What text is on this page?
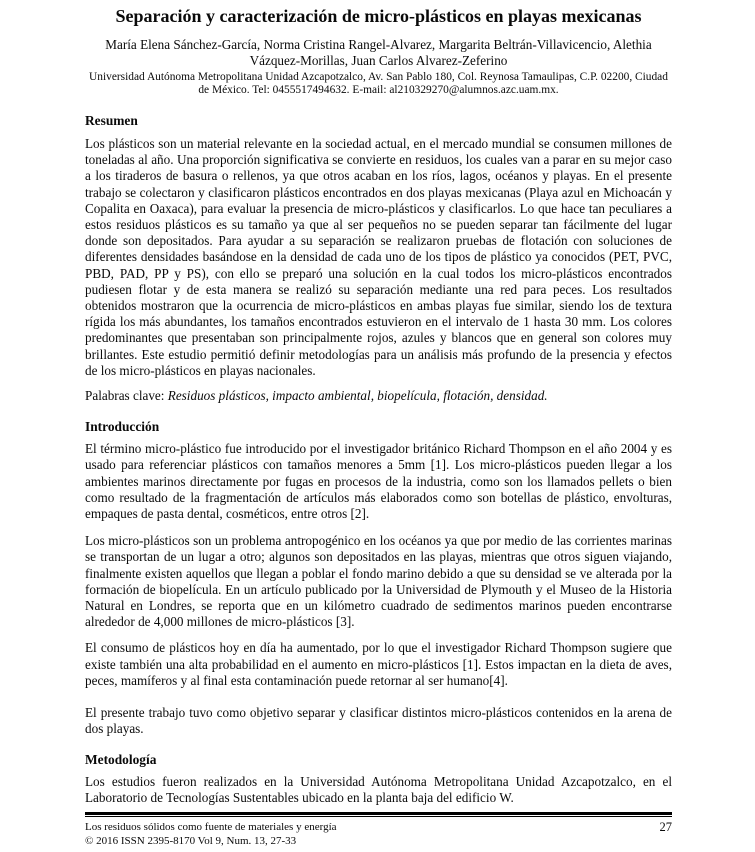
Separación y caracterización de micro-plásticos en playas mexicanas
María Elena Sánchez-García, Norma Cristina Rangel-Alvarez, Margarita Beltrán-Villavicencio, Alethia Vázquez-Morillas, Juan Carlos Alvarez-Zeferino
Universidad Autónoma Metropolitana Unidad Azcapotzalco, Av. San Pablo 180, Col. Reynosa Tamaulipas, C.P. 02200, Ciudad de México. Tel: 0455517494632. E-mail: al210329270@alumnos.azc.uam.mx.
Resumen

Los plásticos son un material relevante en la sociedad actual, en el mercado mundial se consumen millones de toneladas al año. Una proporción significativa se convierte en residuos, los cuales van a parar en su mejor caso a los tiraderos de basura o rellenos, ya que otros acaban en los ríos, lagos, océanos y playas. En el presente trabajo se colectaron y clasificaron plásticos encontrados en dos playas mexicanas (Playa azul en Michoacán y Copalita en Oaxaca), para evaluar la presencia de micro-plásticos y clasificarlos. Lo que hace tan peculiares a estos residuos plásticos es su tamaño ya que al ser pequeños no se pueden separar tan fácilmente del lugar donde son depositados. Para ayudar a su separación se realizaron pruebas de flotación con soluciones de diferentes densidades basándose en la densidad de cada uno de los tipos de plástico ya conocidos (PET, PVC, PBD, PAD, PP y PS), con ello se preparó una solución en la cual todos los micro-plásticos encontrados pudiesen flotar y de esta manera se realizó su separación mediante una red para peces. Los resultados obtenidos mostraron que la ocurrencia de micro-plásticos en ambas playas fue similar, siendo los de textura rígida los más abundantes, los tamaños encontrados estuvieron en el intervalo de 1 hasta 30 mm. Los colores predominantes que presentaban son principalmente rojos, azules y blancos que en general son colores muy brillantes. Este estudio permitió definir metodologías para un análisis más profundo de la presencia y efectos de los micro-plásticos en playas nacionales.

Palabras clave: Residuos plásticos, impacto ambiental, biopelícula, flotación, densidad.

Introducción

El término micro-plástico fue introducido por el investigador británico Richard Thompson en el año 2004 y es usado para referenciar plásticos con tamaños menores a 5mm [1]. Los micro-plásticos pueden llegar a los ambientes marinos directamente por fugas en procesos de la industria, como son los llamados pellets o bien como resultado de la fragmentación de artículos más elaborados como son botellas de plástico, envolturas, empaques de pasta dental, cosméticos, entre otros [2].

Los micro-plásticos son un problema antropogénico en los océanos ya que por medio de las corrientes marinas se transportan de un lugar a otro; algunos son depositados en las playas, mientras que otros siguen viajando, finalmente existen aquellos que llegan a poblar el fondo marino debido a que su densidad se ve alterada por la formación de biopelícula. En un artículo publicado por la Universidad de Plymouth y el Museo de la Historia Natural en Londres, se reporta que en un kilómetro cuadrado de sedimentos marinos pueden encontrarse alrededor de 4,000 millones de micro-plásticos [3].

El consumo de plásticos hoy en día ha aumentado, por lo que el investigador Richard Thompson sugiere que existe también una alta probabilidad en el aumento en micro-plásticos [1]. Estos impactan en la dieta de aves, peces, mamíferos y al final esta contaminación puede retornar al ser humano[4].

El presente trabajo tuvo como objetivo separar y clasificar distintos micro-plásticos contenidos en la arena de dos playas.

Metodología

Los estudios fueron realizados en la Universidad Autónoma Metropolitana Unidad Azcapotzalco, en el Laboratorio de Tecnologías Sustentables ubicado en la planta baja del edificio W.

Los residuos sólidos como fuente de materiales y energía
© 2016 ISSN 2395-8170 Vol 9, Num. 13, 27-33
27
